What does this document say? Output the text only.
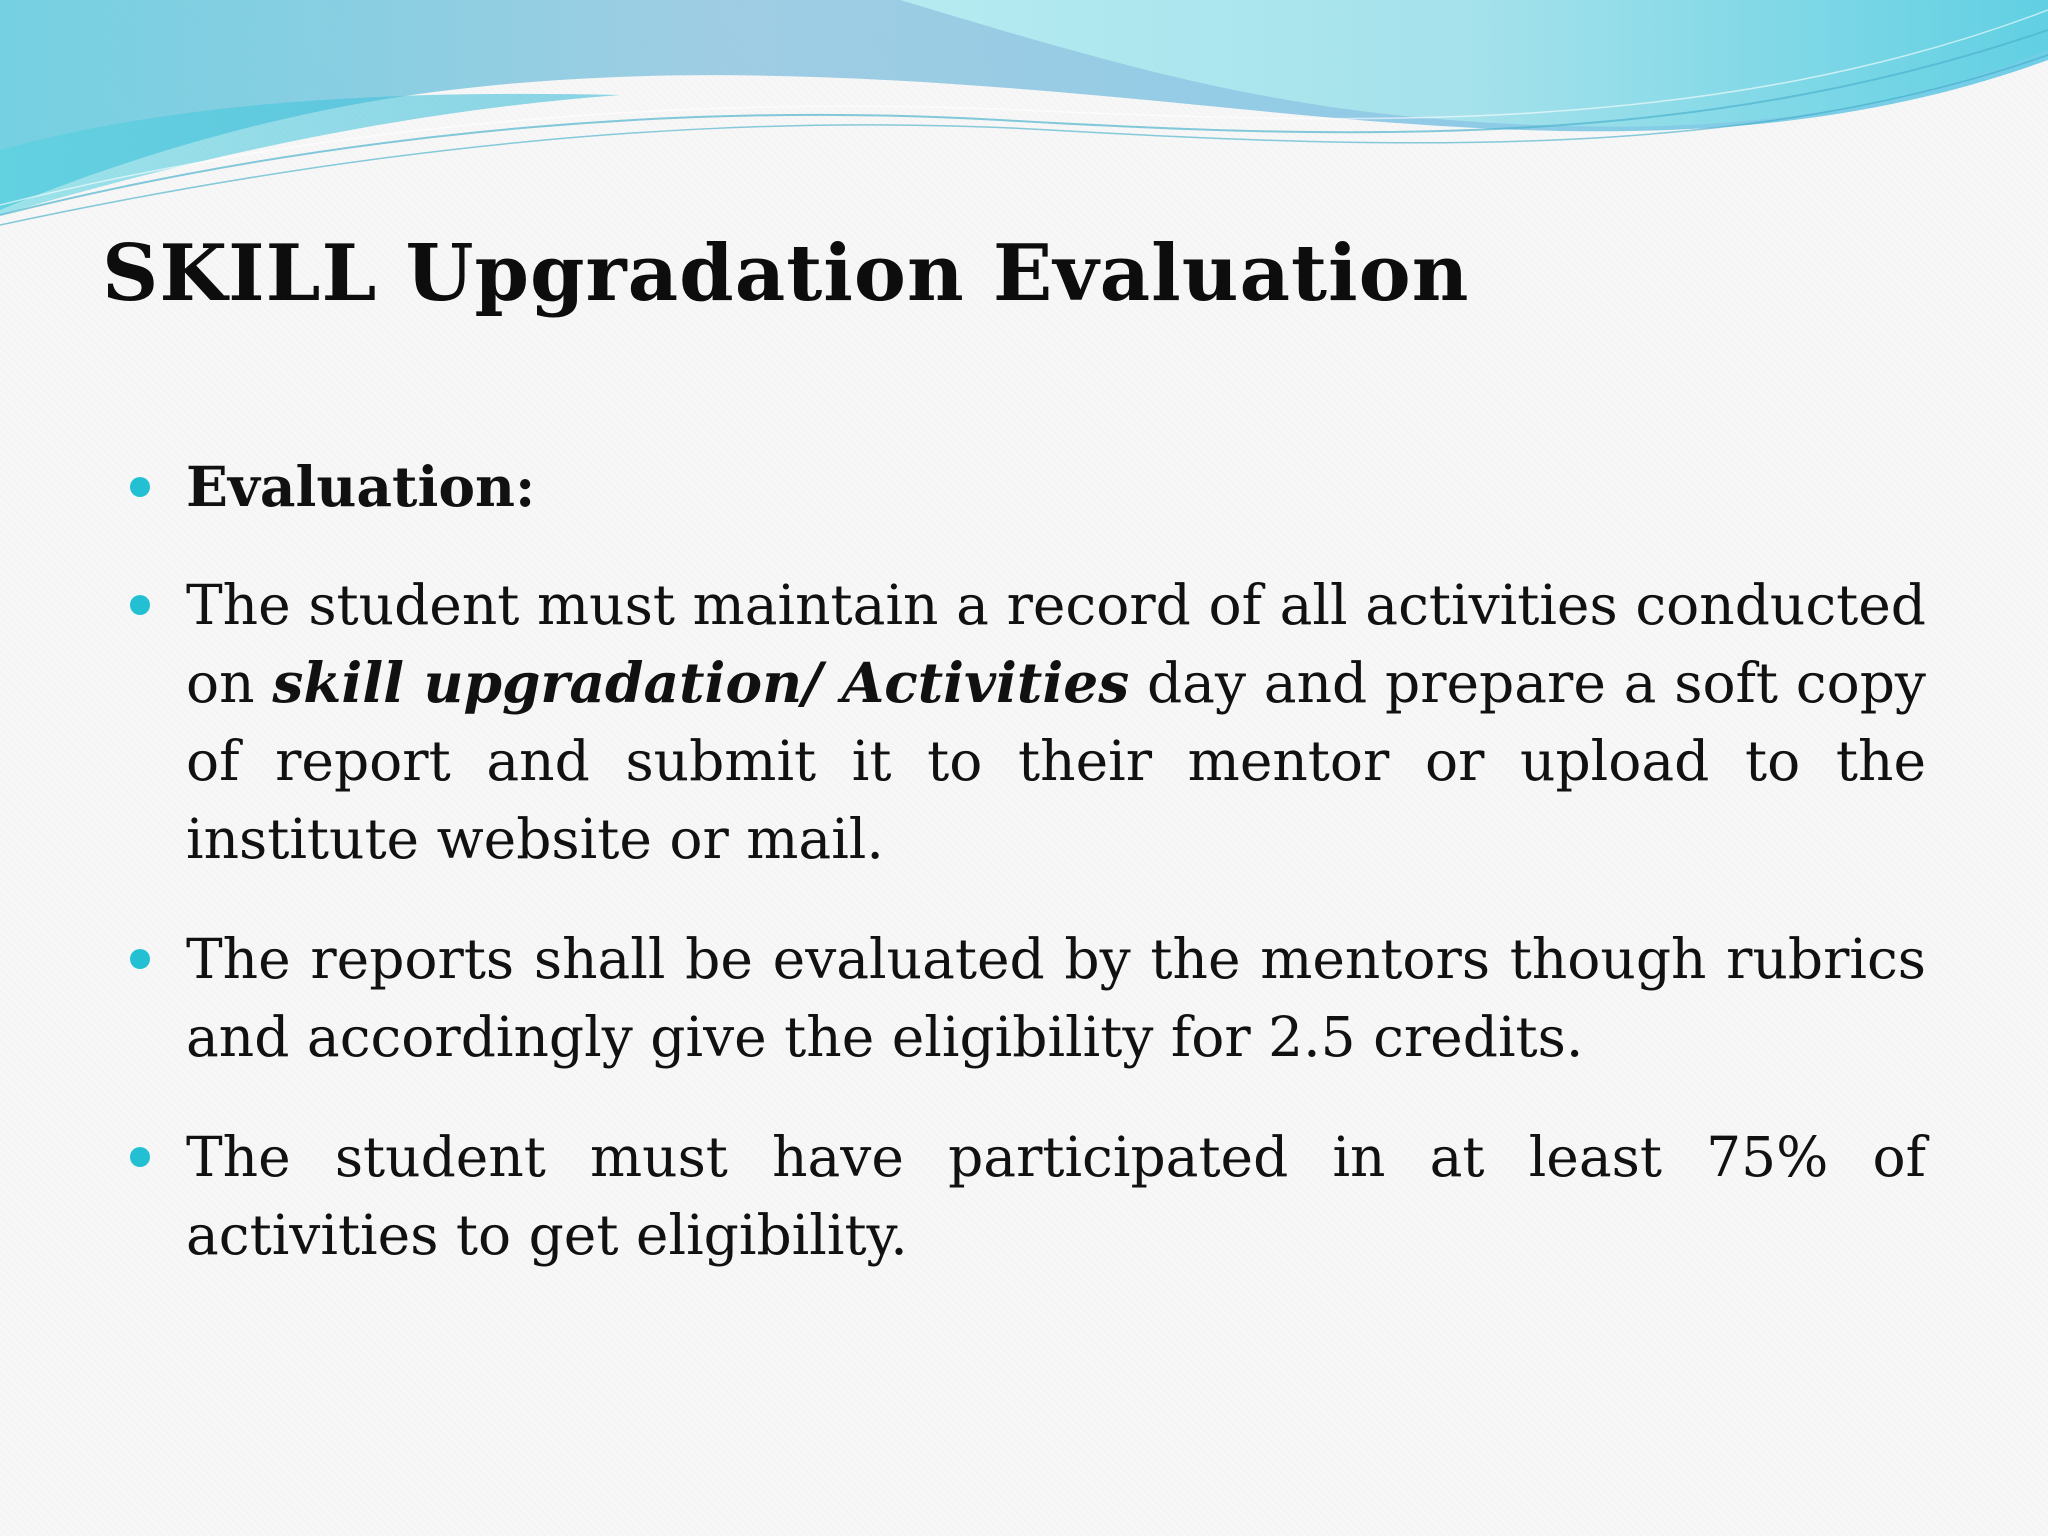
SKILL Upgradation Evaluation
Evaluation:
The student must maintain a record of all activities conducted on skill upgradation/ Activities day and prepare a soft copy of report and submit it to their mentor or upload to the institute website or mail.
The reports shall be evaluated by the mentors though rubrics and accordingly give the eligibility for 2.5 credits.
The student must have participated in at least 75% of activities to get eligibility.
